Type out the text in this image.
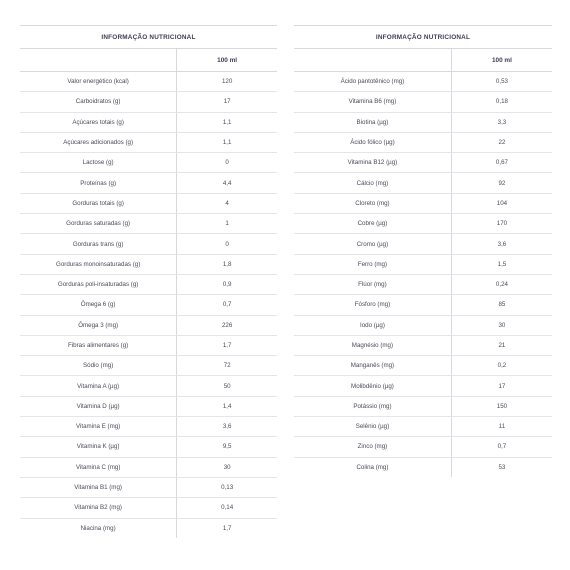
INFORMAÇÃO NUTRICIONAL	
	100 ml
Valor energético (kcal)	120
Carboidratos (g)	17
Açúcares totais (g)	1,1
Açúcares adicionados (g)	1,1
Lactose (g)	0
Proteínas (g)	4,4
Gorduras totais (g)	4
Gorduras saturadas (g)	1
Gorduras trans (g)	0
Gorduras monoinsaturadas (g)	1,8
Gorduras poli-insaturadas (g)	0,9
Ômega 6 (g)	0,7
Ômega 3 (mg)	226
Fibras alimentares (g)	1,7
Sódio (mg)	72
Vitamina A (µg)	50
Vitamina D (µg)	1,4
Vitamina E (mg)	3,6
Vitamina K (µg)	9,5
Vitamina C (mg)	30
Vitamina B1 (mg)	0,13
Vitamina B2 (mg)	0,14
Niacina (mg)	1,7
INFORMAÇÃO NUTRICIONAL	
	100 ml
Ácido pantotênico (mg)	0,53
Vitamina B6 (mg)	0,18
Biotina (µg)	3,3
Ácido fólico (µg)	22
Vitamina B12 (µg)	0,67
Cálcio (mg)	92
Cloreto (mg)	104
Cobre (µg)	170
Cromo (µg)	3,6
Ferro (mg)	1,5
Flúor (mg)	0,24
Fósforo (mg)	85
Iodo (µg)	30
Magnésio (mg)	21
Manganês (mg)	0,2
Molibdênio (µg)	17
Potássio (mg)	150
Selênio (µg)	11
Zinco (mg)	0,7
Colina (mg)	53
